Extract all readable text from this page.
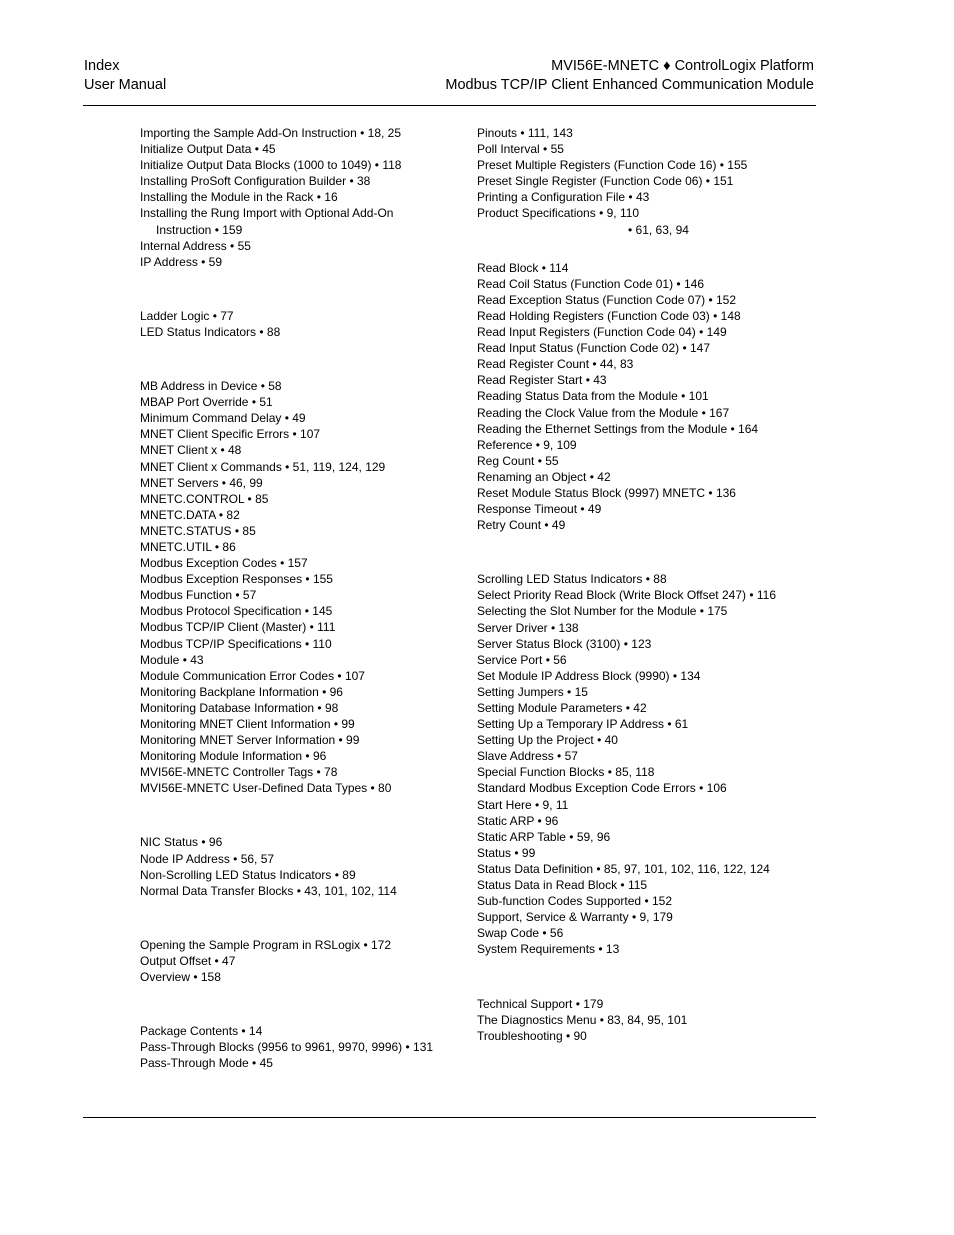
Index
User Manual
MVI56E-MNETC ♦ ControlLogix Platform
Modbus TCP/IP Client Enhanced Communication Module
Importing the Sample Add-On Instruction • 18, 25
Initialize Output Data • 45
Initialize Output Data Blocks (1000 to 1049) • 118
Installing ProSoft Configuration Builder • 38
Installing the Module in the Rack • 16
Installing the Rung Import with Optional Add-On Instruction • 159
Internal Address • 55
IP Address • 59
Ladder Logic • 77
LED Status Indicators • 88
MB Address in Device • 58
MBAP Port Override • 51
Minimum Command Delay • 49
MNET Client Specific Errors • 107
MNET Client x • 48
MNET Client x Commands • 51, 119, 124, 129
MNET Servers • 46, 99
MNETC.CONTROL • 85
MNETC.DATA • 82
MNETC.STATUS • 85
MNETC.UTIL • 86
Modbus Exception Codes • 157
Modbus Exception Responses • 155
Modbus Function • 57
Modbus Protocol Specification • 145
Modbus TCP/IP Client (Master) • 111
Modbus TCP/IP Specifications • 110
Module • 43
Module Communication Error Codes • 107
Monitoring Backplane Information • 96
Monitoring Database Information • 98
Monitoring MNET Client Information • 99
Monitoring MNET Server Information • 99
Monitoring Module Information • 96
MVI56E-MNETC Controller Tags • 78
MVI56E-MNETC User-Defined Data Types • 80
NIC Status • 96
Node IP Address • 56, 57
Non-Scrolling LED Status Indicators • 89
Normal Data Transfer Blocks • 43, 101, 102, 114
Opening the Sample Program in RSLogix • 172
Output Offset • 47
Overview • 158
Package Contents • 14
Pass-Through Blocks (9956 to 9961, 9970, 9996) • 131
Pass-Through Mode • 45
Pinouts • 111, 143
Poll Interval • 55
Preset Multiple Registers (Function Code 16) • 155
Preset Single Register (Function Code 06) • 151
Printing a Configuration File • 43
Product Specifications • 9, 110
• 61, 63, 94
Read Block • 114
Read Coil Status (Function Code 01) • 146
Read Exception Status (Function Code 07) • 152
Read Holding Registers (Function Code 03) • 148
Read Input Registers (Function Code 04) • 149
Read Input Status (Function Code 02) • 147
Read Register Count • 44, 83
Read Register Start • 43
Reading Status Data from the Module • 101
Reading the Clock Value from the Module • 167
Reading the Ethernet Settings from the Module • 164
Reference • 9, 109
Reg Count • 55
Renaming an Object • 42
Reset Module Status Block (9997) MNETC • 136
Response Timeout • 49
Retry Count • 49
Scrolling LED Status Indicators • 88
Select Priority Read Block (Write Block Offset 247) • 116
Selecting the Slot Number for the Module • 175
Server Driver • 138
Server Status Block (3100) • 123
Service Port • 56
Set Module IP Address Block (9990) • 134
Setting Jumpers • 15
Setting Module Parameters • 42
Setting Up a Temporary IP Address • 61
Setting Up the Project • 40
Slave Address • 57
Special Function Blocks • 85, 118
Standard Modbus Exception Code Errors • 106
Start Here • 9, 11
Static ARP • 96
Static ARP Table • 59, 96
Status • 99
Status Data Definition • 85, 97, 101, 102, 116, 122, 124
Status Data in Read Block • 115
Sub-function Codes Supported • 152
Support, Service & Warranty • 9, 179
Swap Code • 56
System Requirements • 13
Technical Support • 179
The Diagnostics Menu • 83, 84, 95, 101
Troubleshooting • 90
